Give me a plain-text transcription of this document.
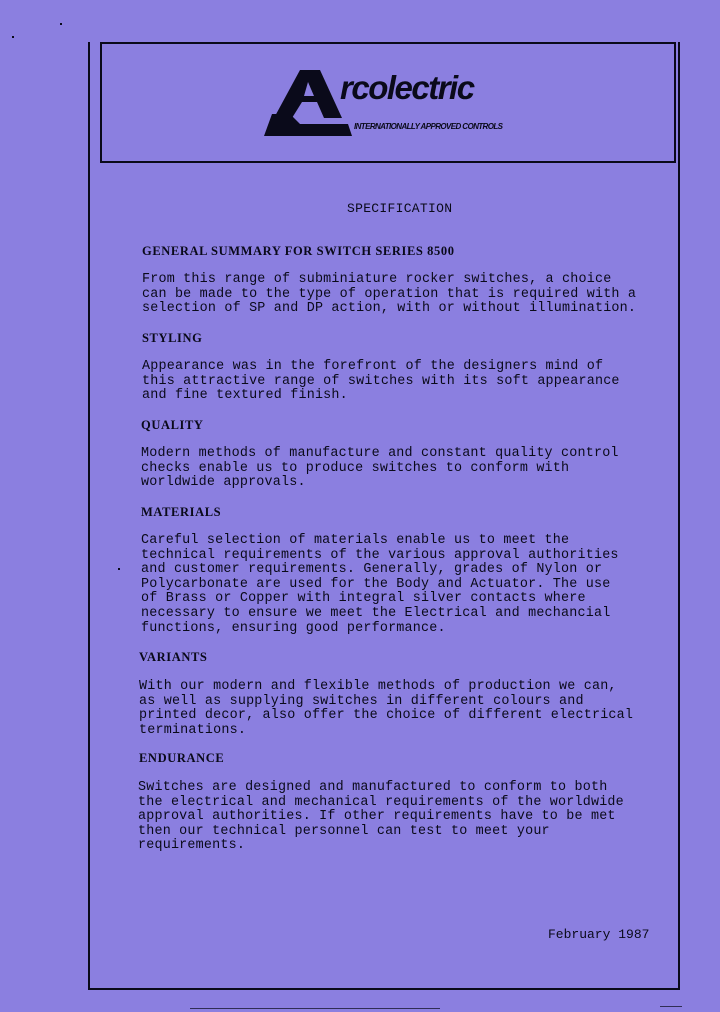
rcolectric
INTERNATIONALLY APPROVED CONTROLS
SPECIFICATION
GENERAL SUMMARY FOR SWITCH SERIES 8500
From this range of subminiature rocker switches, a choice
can be made to the type of operation that is required with a
selection of SP and DP action, with or without illumination.
STYLING
Appearance was in the forefront of the designers mind of
this attractive range of switches with its soft appearance
and fine textured finish.
QUALITY
Modern methods of manufacture and constant quality control
checks enable us to produce switches to conform with
worldwide approvals.
MATERIALS
Careful selection of materials enable us to meet the
technical requirements of the various approval authorities
and customer requirements. Generally, grades of Nylon or
Polycarbonate are used for the Body and Actuator. The use
of Brass or Copper with integral silver contacts where
necessary to ensure we meet the Electrical and mechancial
functions, ensuring good performance.
VARIANTS
With our modern and flexible methods of production we can,
as well as supplying switches in different colours and
printed decor, also offer the choice of different electrical
terminations.
ENDURANCE
Switches are designed and manufactured to conform to both
the electrical and mechanical requirements of the worldwide
approval authorities. If other requirements have to be met
then our technical personnel can test to meet your
requirements.
February 1987
